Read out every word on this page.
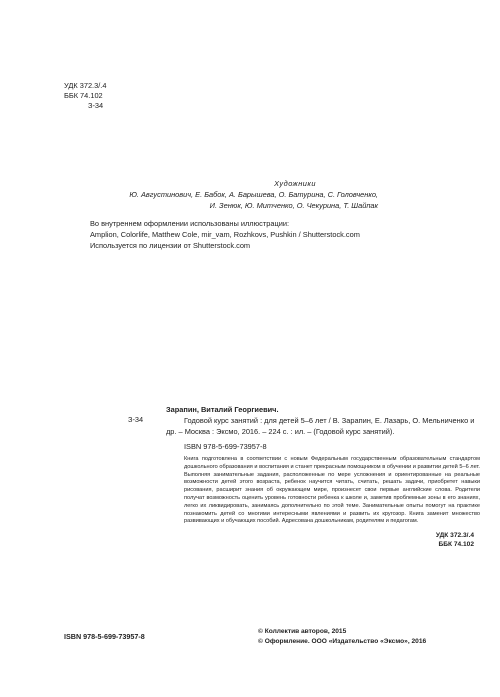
УДК 372.3/.4
ББК 74.102
З-34
Художники
Ю. Августинович, Е. Бабок, А. Барышева, О. Батурина, С. Головченко,
И. Зенюк, Ю. Митченко, О. Чекурина, Т. Шайпак
Во внутреннем оформлении использованы иллюстрации:
Amplion, Colorlife, Matthew Cole, mir_vam, Rozhkovs, Pushkin / Shutterstock.com
Используется по лицензии от Shutterstock.com
З-34
Зарапин, Виталий Георгиевич.
Годовой курс занятий : для детей 5–6 лет / В. Зарапин, Е. Лазарь, О. Мельниченко и др. – Москва : Эксмо, 2016. – 224 с. : ил. – (Годовой курс занятий).
ISBN 978-5-699-73957-8
Книга подготовлена в соответствии с новым Федеральным государственным образовательным стандартом дошкольного образования и воспитания и станет прекрасным помощником в обучении и развитии детей 5–6 лет. Выполняя занимательные задания, расположенные по мере усложнения и ориентированные на реальные возможности детей этого возраста, ребенок научится читать, считать, решать задачи, приобретет навыки рисования, расширит знания об окружающем мире, произнесет свои первые английские слова. Родители получат возможность оценить уровень готовности ребенка к школе и, заметив проблемные зоны в его знаниях, легко их ликвидировать, занимаясь дополнительно по этой теме. Занимательные опыты помогут на практике познакомить детей со многими интересными явлениями и развить их кругозор. Книга заменит множество развивающих и обучающих пособий. Адресована дошкольникам, родителям и педагогам.
УДК 372.3/.4
ББК 74.102
ISBN 978-5-699-73957-8
© Коллектив авторов, 2015
© Оформление. ООО «Издательство «Эксмо», 2016
